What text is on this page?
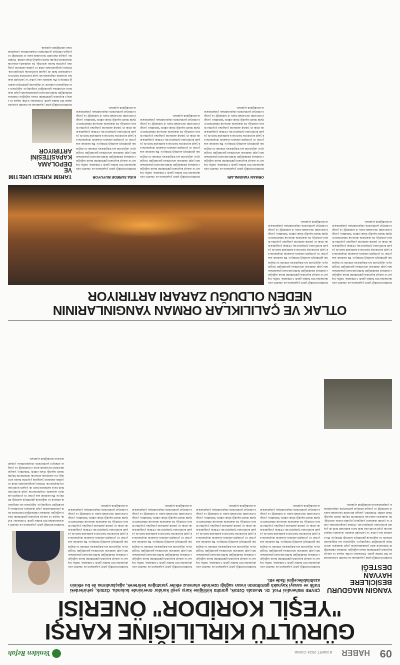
09
HABER
8 MART 2024 CUMA
Yeniden Refah
GÜRÜLTÜ KİRLİLİĞİNE KARŞI
"YEŞİL KORİDOR" ÖNERİSİ
ÇEVRE Mühendisi Prof. Dr. Mustafa Öztürk, gürültü kirliliğine karşı yeşil koridor önerisinde bulundu. Öztürk, şehirlerdeki trafik ve sanayi kaynaklı gürültünün insan sağlığı üzerinde olumsuz etkiler yarattığını belirterek, ağaçlandırma ile bu etkinin azaltılabileceğini ifade etti.
YANGIN MAĞDURU
BESİCİLERE HAYVAN
DESTEĞİ
Gürültü kirliliği şehir yaşamının en önemli sorunlarından biri haline geldi. Uzmanlar, trafik, inşaat ve sanayi kaynaklı gürültünün insan sağlığını olumsuz etkilediğini belirterek kent planlamasında yeşil alanların artırılması gerektiğini vurguluyor. Ağaçların ses dalgalarını emerek ve dağıtarak gürültüyü azalttığı biliniyor. Bu nedenle ana yollar ve yerleşim alanları arasında oluşturulacak yeşil koridorlar hem hava kalitesini hem de yaşam konforunu iyileştirecek. Orman yangınlarında otlak ve çalılık alanların yangının yayılma hızını artırdığı, bu alanlarda alınacak önlemlerin büyük önem taşıdığı ifade edildi. Yetkililer, yangın mevsimi öncesinde kuru ot temizliği ve yangın emniyet şeritlerinin oluşturulması çalışmalarının sürdüğünü açıkladı.
Gürültü kirliliği şehir yaşamının en önemli sorunlarından biri haline geldi. Uzmanlar, trafik, inşaat ve sanayi kaynaklı gürültünün insan sağlığını olumsuz etkilediğini belirterek kent planlamasında yeşil alanların artırılması gerektiğini vurguluyor. Ağaçların ses dalgalarını emerek ve dağıtarak gürültüyü azalttığı biliniyor. Bu nedenle ana yollar ve yerleşim alanları arasında oluşturulacak yeşil koridorlar hem hava kalitesini hem de yaşam konforunu iyileştirecek. Orman yangınlarında otlak ve çalılık alanların yangının yayılma hızını artırdığı, bu alanlarda alınacak önlemlerin büyük önem taşıdığı ifade edildi. Yetkililer, yangın mevsimi öncesinde kuru ot temizliği ve yangın emniyet şeritlerinin oluşturulması çalışmalarının sürdüğünü açıkladı.
Gürültü kirliliği şehir yaşamının en önemli sorunlarından biri haline geldi. Uzmanlar, trafik, inşaat ve sanayi kaynaklı gürültünün insan sağlığını olumsuz etkilediğini belirterek kent planlamasında yeşil alanların artırılması gerektiğini vurguluyor. Ağaçların ses dalgalarını emerek ve dağıtarak gürültüyü azalttığı biliniyor. Bu nedenle ana yollar ve yerleşim alanları arasında oluşturulacak yeşil koridorlar hem hava kalitesini hem de yaşam konforunu iyileştirecek. Orman yangınlarında otlak ve çalılık alanların yangının yayılma hızını artırdığı, bu alanlarda alınacak önlemlerin büyük önem taşıdığı ifade edildi. Yetkililer, yangın mevsimi öncesinde kuru ot temizliği ve yangın emniyet şeritlerinin oluşturulması çalışmalarının sürdüğünü açıkladı.
Gürültü kirliliği şehir yaşamının en önemli sorunlarından biri haline geldi. Uzmanlar, trafik, inşaat ve sanayi kaynaklı gürültünün insan sağlığını olumsuz etkilediğini belirterek kent planlamasında yeşil alanların artırılması gerektiğini vurguluyor. Ağaçların ses dalgalarını emerek ve dağıtarak gürültüyü azalttığı biliniyor. Bu nedenle ana yollar ve yerleşim alanları arasında oluşturulacak yeşil koridorlar hem hava kalitesini hem de yaşam konforunu iyileştirecek. Orman yangınlarında otlak ve çalılık alanların yangının yayılma hızını artırdığı, bu alanlarda alınacak önlemlerin büyük önem taşıdığı ifade edildi. Yetkililer, yangın mevsimi öncesinde kuru ot temizliği ve yangın emniyet şeritlerinin oluşturulması çalışmalarının sürdüğünü açıkladı.
Gürültü kirliliği şehir yaşamının en önemli sorunlarından biri haline geldi. Uzmanlar, trafik, inşaat ve sanayi kaynaklı gürültünün insan sağlığını olumsuz etkilediğini belirterek kent planlamasında yeşil alanların artırılması gerektiğini vurguluyor. Ağaçların ses dalgalarını emerek ve dağıtarak gürültüyü azalttığı biliniyor. Bu nedenle ana yollar ve yerleşim alanları arasında oluşturulacak yeşil koridorlar hem hava kalitesini hem de yaşam konforunu iyileştirecek. Orman yangınlarında otlak ve çalılık alanların yangının yayılma hızını artırdığı, bu alanlarda alınacak önlemlerin büyük önem taşıdığı ifade edildi. Yetkililer, yangın mevsimi öncesinde kuru ot temizliği ve yangın emniyet şeritlerinin oluşturulması çalışmalarının sürdüğünü açıkladı.
Gürültü kirliliği şehir yaşamının en önemli sorunlarından biri haline geldi. Uzmanlar, trafik, inşaat ve sanayi kaynaklı gürültünün insan sağlığını olumsuz etkilediğini belirterek kent planlamasında yeşil alanların artırılması gerektiğini vurguluyor. Ağaçların ses dalgalarını emerek ve dağıtarak gürültüyü azalttığı biliniyor. Bu nedenle ana yollar ve yerleşim alanları arasında oluşturulacak yeşil koridorlar hem hava kalitesini hem de yaşam konforunu iyileştirecek. Orman yangınlarında otlak ve çalılık alanların yangının yayılma hızını artırdığı, bu alanlarda alınacak önlemlerin büyük önem taşıdığı ifade edildi. Yetkililer, yangın mevsimi öncesinde kuru ot temizliği ve yangın emniyet şeritlerinin oluşturulması çalışmalarının sürdüğünü açıkladı.
OTLAK VE ÇALILIKLAR ORMAN YANGINLARININ
NEDEN OLDUĞU ZARARI ARTIRIYOR
Gürültü kirliliği şehir yaşamının en önemli sorunlarından biri haline geldi. Uzmanlar, trafik, inşaat ve sanayi kaynaklı gürültünün insan sağlığını olumsuz etkilediğini belirterek kent planlamasında yeşil alanların artırılması gerektiğini vurguluyor. Ağaçların ses dalgalarını emerek ve dağıtarak gürültüyü azalttığı biliniyor. Bu nedenle ana yollar ve yerleşim alanları arasında oluşturulacak yeşil koridorlar hem hava kalitesini hem de yaşam konforunu iyileştirecek. Orman yangınlarında otlak ve çalılık alanların yangının yayılma hızını artırdığı, bu alanlarda alınacak önlemlerin büyük önem taşıdığı ifade edildi. Yetkililer, yangın mevsimi öncesinde kuru ot temizliği ve yangın emniyet şeritlerinin oluşturulması çalışmalarının sürdüğünü açıkladı.
Gürültü kirliliği şehir yaşamının en önemli sorunlarından biri haline geldi. Uzmanlar, trafik, inşaat ve sanayi kaynaklı gürültünün insan sağlığını olumsuz etkilediğini belirterek kent planlamasında yeşil alanların artırılması gerektiğini vurguluyor. Ağaçların ses dalgalarını emerek ve dağıtarak gürültüyü azalttığı biliniyor. Bu nedenle ana yollar ve yerleşim alanları arasında oluşturulacak yeşil koridorlar hem hava kalitesini hem de yaşam konforunu iyileştirecek. Orman yangınlarında otlak ve çalılık alanların yangının yayılma hızını artırdığı, bu alanlarda alınacak önlemlerin büyük önem taşıdığı ifade edildi. Yetkililer, yangın mevsimi öncesinde kuru ot temizliği ve yangın emniyet şeritlerinin oluşturulması çalışmalarının sürdüğünü açıkladı.
ORMAN YANGINLARI
Gürültü kirliliği şehir yaşamının en önemli sorunlarından biri haline geldi. Uzmanlar, trafik, inşaat ve sanayi kaynaklı gürültünün insan sağlığını olumsuz etkilediğini belirterek kent planlamasında yeşil alanların artırılması gerektiğini vurguluyor. Ağaçların ses dalgalarını emerek ve dağıtarak gürültüyü azalttığı biliniyor. Bu nedenle ana yollar ve yerleşim alanları arasında oluşturulacak yeşil koridorlar hem hava kalitesini hem de yaşam konforunu iyileştirecek. Orman yangınlarında otlak ve çalılık alanların yangının yayılma hızını artırdığı, bu alanlarda alınacak önlemlerin büyük önem taşıdığı ifade edildi. Yetkililer, yangın mevsimi öncesinde kuru ot temizliği ve yangın emniyet şeritlerinin oluşturulması çalışmalarının sürdüğünü açıkladı.
Gürültü kirliliği şehir yaşamının en önemli sorunlarından biri haline geldi. Uzmanlar, trafik, inşaat ve sanayi kaynaklı gürültünün insan sağlığını olumsuz etkilediğini belirterek kent planlamasında yeşil alanların artırılması gerektiğini vurguluyor. Ağaçların ses dalgalarını emerek ve dağıtarak gürültüyü azalttığı biliniyor. Bu nedenle ana yollar ve yerleşim alanları arasında oluşturulacak yeşil koridorlar hem hava kalitesini hem de yaşam konforunu iyileştirecek. Orman yangınlarında otlak ve çalılık alanların yangının yayılma hızını artırdığı, bu alanlarda alınacak önlemlerin büyük önem taşıdığı ifade edildi. Yetkililer, yangın mevsimi öncesinde kuru ot temizliği ve yangın emniyet şeritlerinin oluşturulması çalışmalarının sürdüğünü açıkladı.
KISA SÜREDE BÜYÜYOR
Gürültü kirliliği şehir yaşamının en önemli sorunlarından biri haline geldi. Uzmanlar, trafik, inşaat ve sanayi kaynaklı gürültünün insan sağlığını olumsuz etkilediğini belirterek kent planlamasında yeşil alanların artırılması gerektiğini vurguluyor. Ağaçların ses dalgalarını emerek ve dağıtarak gürültüyü azalttığı biliniyor. Bu nedenle ana yollar ve yerleşim alanları arasında oluşturulacak yeşil koridorlar hem hava kalitesini hem de yaşam konforunu iyileştirecek. Orman yangınlarında otlak ve çalılık alanların yangının yayılma hızını artırdığı, bu alanlarda alınacak önlemlerin büyük önem taşıdığı ifade edildi. Yetkililer, yangın mevsimi öncesinde kuru ot temizliği ve yangın emniyet şeritlerinin oluşturulması çalışmalarının sürdüğünü açıkladı.
TARIM KREDİ ÜRETİM VE
DEPOLAMA KAPASİTESİNİ
ARTIRIYOR
Gürültü kirliliği şehir yaşamının en önemli sorunlarından biri haline geldi. Uzmanlar, trafik, inşaat ve sanayi kaynaklı gürültünün insan sağlığını olumsuz etkilediğini belirterek kent planlamasında yeşil alanların artırılması gerektiğini vurguluyor. Ağaçların ses dalgalarını emerek ve dağıtarak gürültüyü azalttığı biliniyor. Bu nedenle ana yollar ve yerleşim alanları arasında oluşturulacak yeşil koridorlar hem hava kalitesini hem de yaşam konforunu iyileştirecek. Orman yangınlarında otlak ve çalılık alanların yangının yayılma hızını artırdığı, bu alanlarda alınacak önlemlerin büyük önem taşıdığı ifade edildi. Yetkililer, yangın mevsimi öncesinde kuru ot temizliği ve yangın emniyet şeritlerinin oluşturulması çalışmalarının sürdüğünü açıkladı.
